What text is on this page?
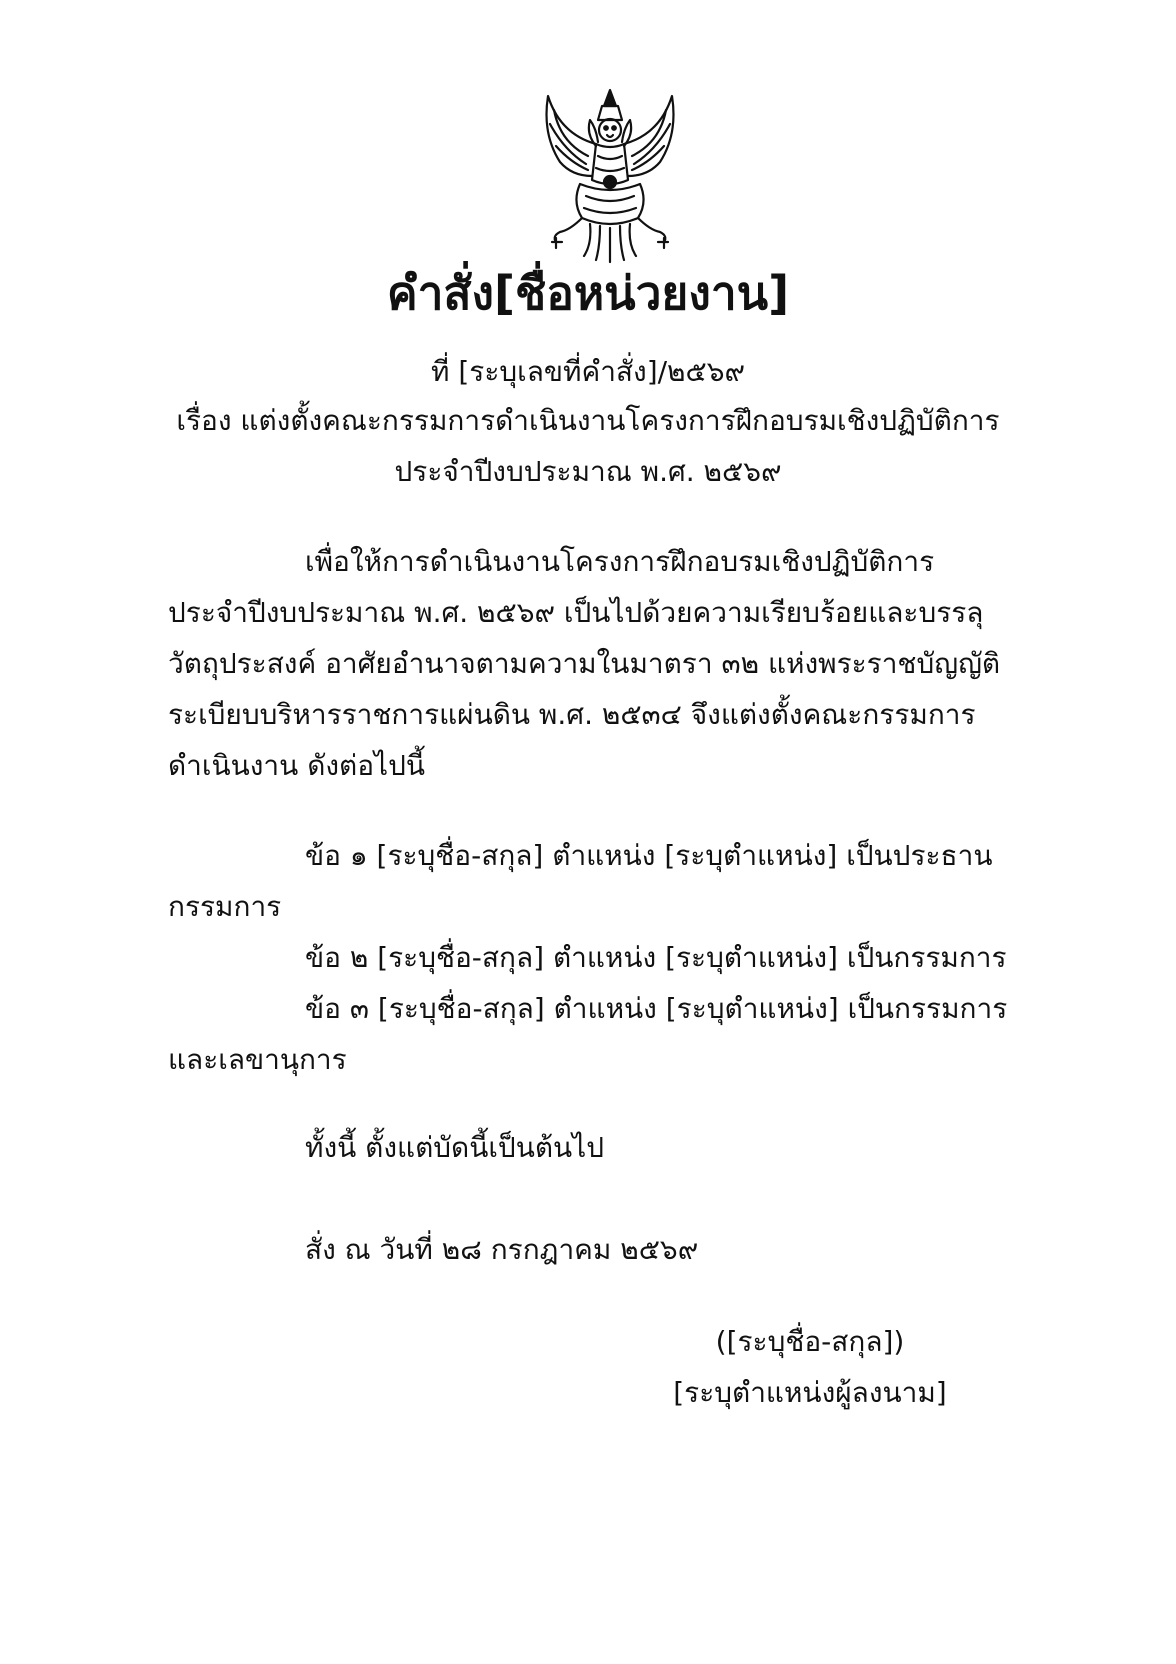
คำสั่ง[ชื่อหน่วยงาน]
ที่ [ระบุเลขที่คำสั่ง]/๒๕๖๙
เรื่อง แต่งตั้งคณะกรรมการดำเนินงานโครงการฝึกอบรมเชิงปฏิบัติการ
ประจำปีงบประมาณ พ.ศ. ๒๕๖๙
เพื่อให้การดำเนินงานโครงการฝึกอบรมเชิงปฏิบัติการ
ประจำปีงบประมาณ พ.ศ. ๒๕๖๙ เป็นไปด้วยความเรียบร้อยและบรรลุ
วัตถุประสงค์ อาศัยอำนาจตามความในมาตรา ๓๒ แห่งพระราชบัญญัติ
ระเบียบบริหารราชการแผ่นดิน พ.ศ. ๒๕๓๔ จึงแต่งตั้งคณะกรรมการ
ดำเนินงาน ดังต่อไปนี้
ข้อ ๑ [ระบุชื่อ-สกุล] ตำแหน่ง [ระบุตำแหน่ง] เป็นประธาน
กรรมการ
ข้อ ๒ [ระบุชื่อ-สกุล] ตำแหน่ง [ระบุตำแหน่ง] เป็นกรรมการ
ข้อ ๓ [ระบุชื่อ-สกุล] ตำแหน่ง [ระบุตำแหน่ง] เป็นกรรมการ
และเลขานุการ
ทั้งนี้ ตั้งแต่บัดนี้เป็นต้นไป
สั่ง ณ วันที่ ๒๘ กรกฎาคม ๒๕๖๙
([ระบุชื่อ-สกุล])
[ระบุตำแหน่งผู้ลงนาม]
